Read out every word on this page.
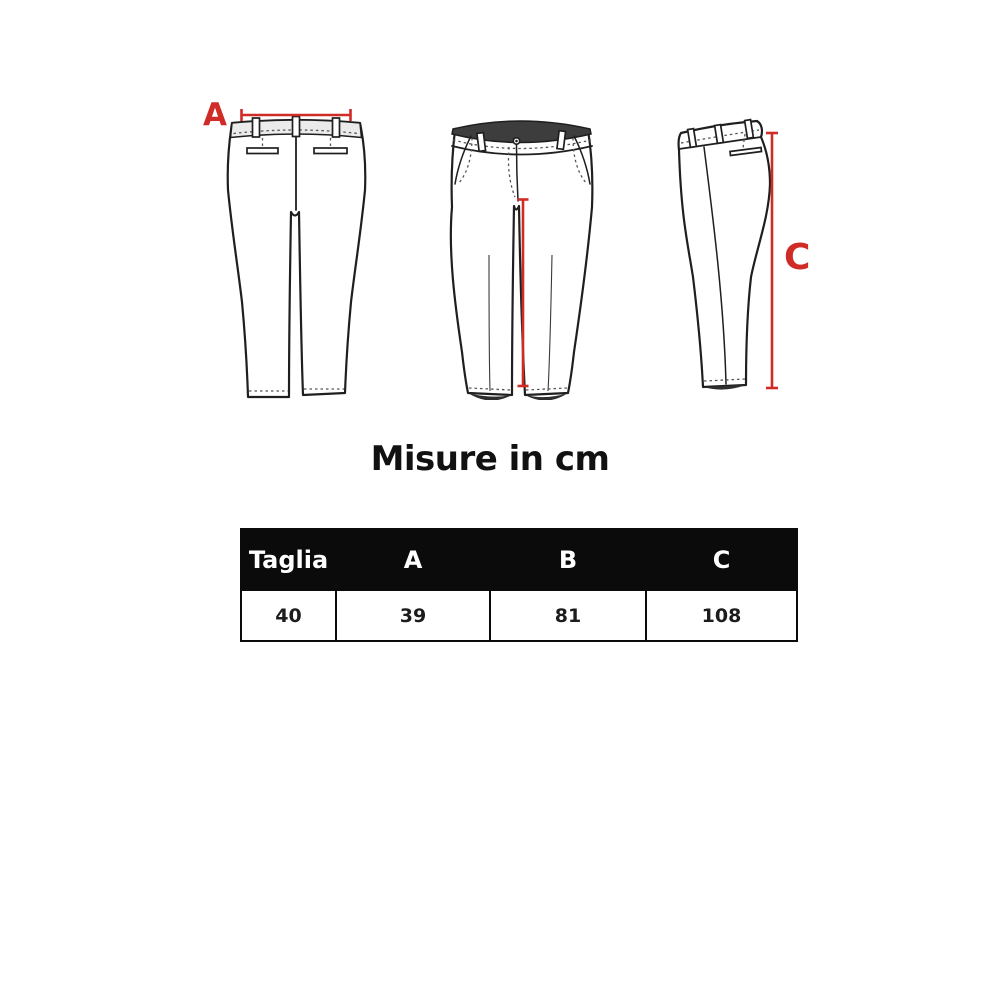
A
C
Misure in cm
Taglia	A	B	C
40	39	81	108
